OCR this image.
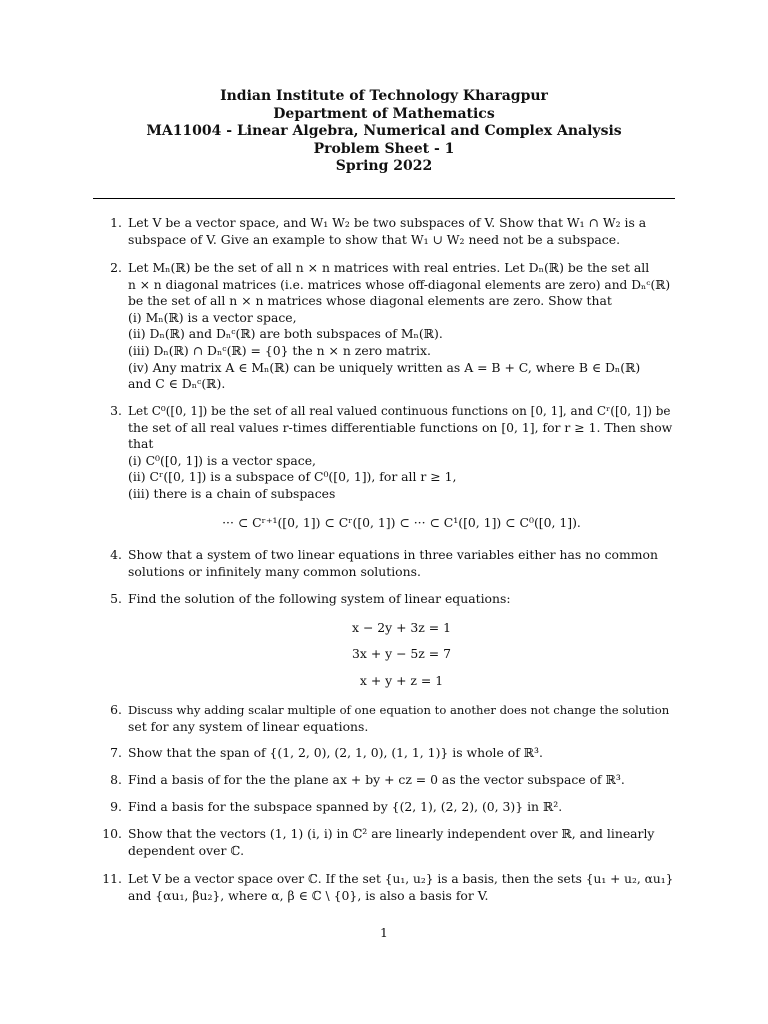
Indian Institute of Technology Kharagpur
Department of Mathematics
MA11004 - Linear Algebra, Numerical and Complex Analysis
Problem Sheet - 1
Spring 2022
1. Let V be a vector space, and W₁ W₂ be two subspaces of V. Show that W₁ ∩ W₂ is a
subspace of V. Give an example to show that W₁ ∪ W₂ need not be a subspace.
2. Let Mₙ(ℝ) be the set of all n × n matrices with real entries. Let Dₙ(ℝ) be the set all
n × n diagonal matrices (i.e. matrices whose off-diagonal elements are zero) and Dₙᶜ(ℝ)
be the set of all n × n matrices whose diagonal elements are zero. Show that
(i) Mₙ(ℝ) is a vector space,
(ii) Dₙ(ℝ) and Dₙᶜ(ℝ) are both subspaces of Mₙ(ℝ).
(iii) Dₙ(ℝ) ∩ Dₙᶜ(ℝ) = {0} the n × n zero matrix.
(iv) Any matrix A ∈ Mₙ(ℝ) can be uniquely written as A = B + C, where B ∈ Dₙ(ℝ)
and C ∈ Dₙᶜ(ℝ).
3. Let C⁰([0, 1]) be the set of all real valued continuous functions on [0, 1], and Cʳ([0, 1]) be
the set of all real values r-times differentiable functions on [0, 1], for r ≥ 1. Then show
that
(i) C⁰([0, 1]) is a vector space,
(ii) Cʳ([0, 1]) is a subspace of C⁰([0, 1]), for all r ≥ 1,
(iii) there is a chain of subspaces
··· ⊂ Cʳ⁺¹([0, 1]) ⊂ Cʳ([0, 1]) ⊂ ··· ⊂ C¹([0, 1]) ⊂ C⁰([0, 1]).
4. Show that a system of two linear equations in three variables either has no common
solutions or infinitely many common solutions.
5. Find the solution of the following system of linear equations:
x − 2y + 3z = 1
3x + y − 5z = 7
x + y + z = 1
6. Discuss why adding scalar multiple of one equation to another does not change the solution
set for any system of linear equations.
7. Show that the span of {(1, 2, 0), (2, 1, 0), (1, 1, 1)} is whole of ℝ³.
8. Find a basis of for the the plane ax + by + cz = 0 as the vector subspace of ℝ³.
9. Find a basis for the subspace spanned by {(2, 1), (2, 2), (0, 3)} in ℝ².
10. Show that the vectors (1, 1) (i, i) in ℂ² are linearly independent over ℝ, and linearly
dependent over ℂ.
11. Let V be a vector space over ℂ. If the set {u₁, u₂} is a basis, then the sets {u₁ + u₂, αu₁}
and {αu₁, βu₂}, where α, β ∈ ℂ \ {0}, is also a basis for V.
1
